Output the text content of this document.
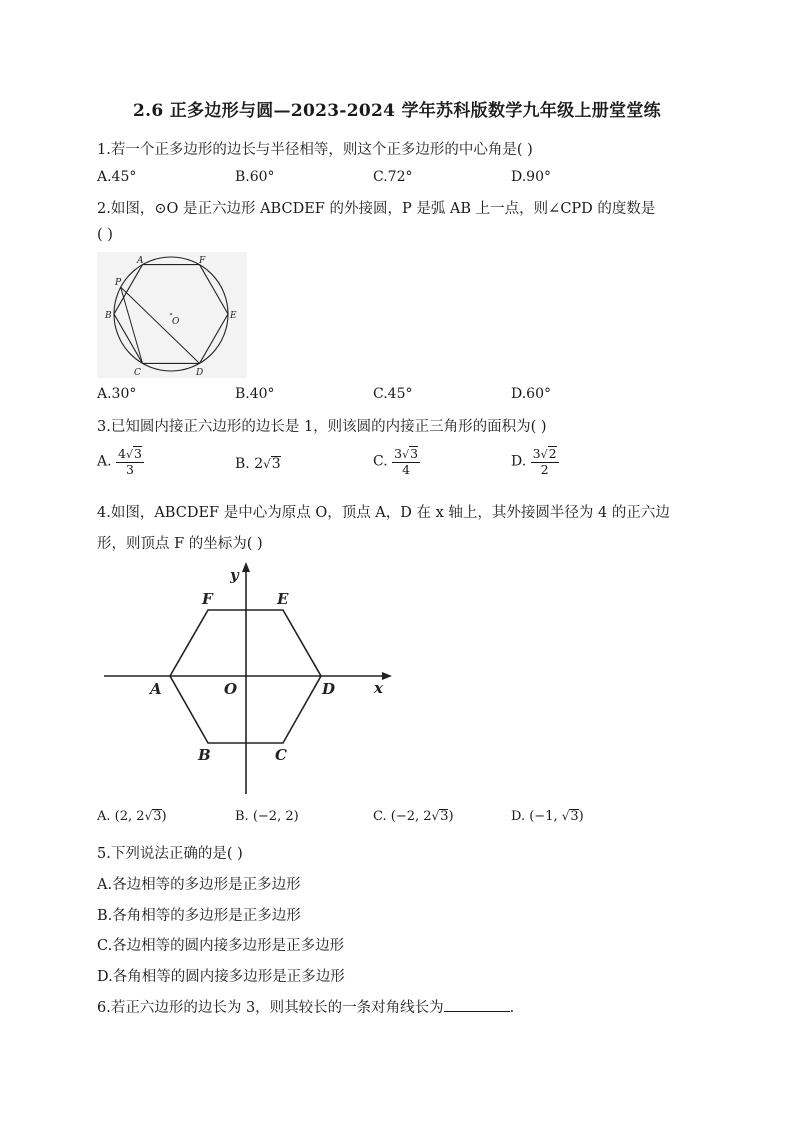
2.6 正多边形与圆—2023-2024 学年苏科版数学九年级上册堂堂练
1.若一个正多边形的边长与半径相等，则这个正多边形的中心角是( )
A.45°	B.60°	C.72°	D.90°
2.如图，⊙O 是正六边形 ABCDEF 的外接圆，P 是弧 AB 上一点，则∠CPD 的度数是
( )
A	F
P
B	E
C	D
O
A.30°	B.40°	C.45°	D.60°
3.已知圆内接正六边形的边长是 1，则该圆的内接正三角形的面积为( )
A. $\frac{4√3}{3}$	B. 2√3	C. $\frac{3√3}{4}$	D. $\frac{3√2}{2}$
4.如图，ABCDEF 是中心为原点 O，顶点 A，D 在 x 轴上，其外接圆半径为 4 的正六边
形，则顶点 F 的坐标为( )
y
x
F	E
A	O	D
B	C
A. (2, 2√3)	B. (−2, 2)	C. (−2, 2√3)	D. (−1, √3)
5.下列说法正确的是( )
A.各边相等的多边形是正多边形
B.各角相等的多边形是正多边形
C.各边相等的圆内接多边形是正多边形
D.各角相等的圆内接多边形是正多边形
6.若正六边形的边长为 3，则其较长的一条对角线长为	.
